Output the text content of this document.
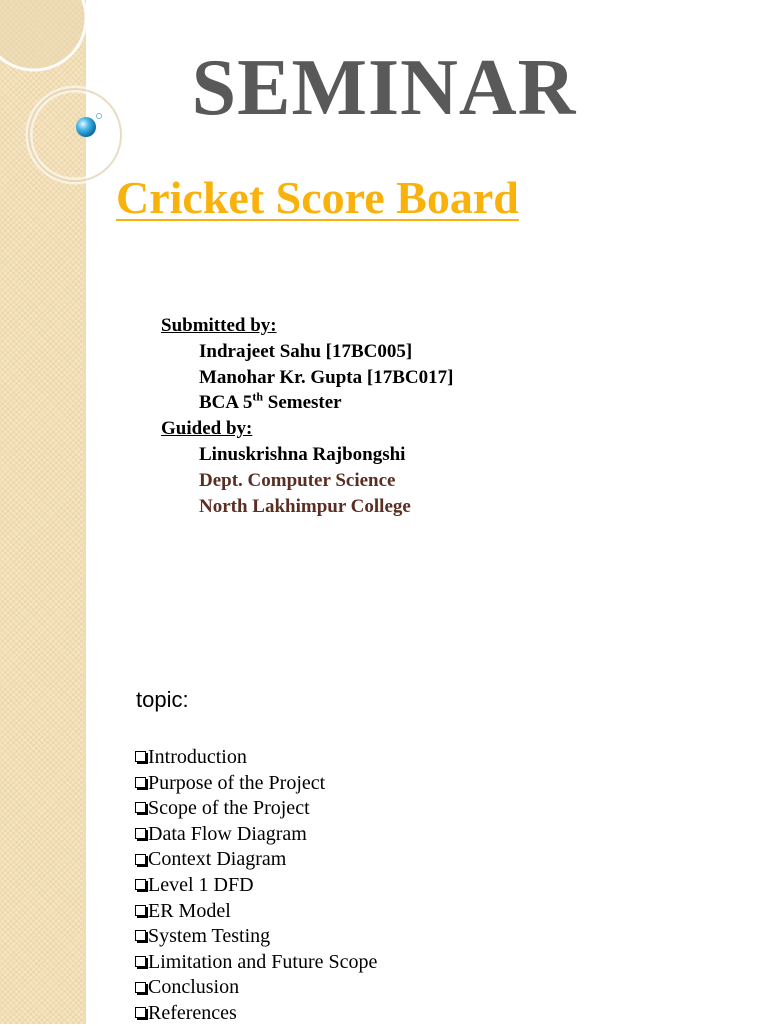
SEMINAR
Cricket Score Board
Submitted by:
Indrajeet Sahu [17BC005]
Manohar Kr. Gupta [17BC017]
BCA 5th Semester
Guided by:
Linuskrishna Rajbongshi
Dept. Computer Science
North Lakhimpur College
topic:
Introduction
Purpose of the Project
Scope of the Project
Data Flow Diagram
Context Diagram
Level 1 DFD
ER Model
System Testing
Limitation and Future Scope
Conclusion
References
